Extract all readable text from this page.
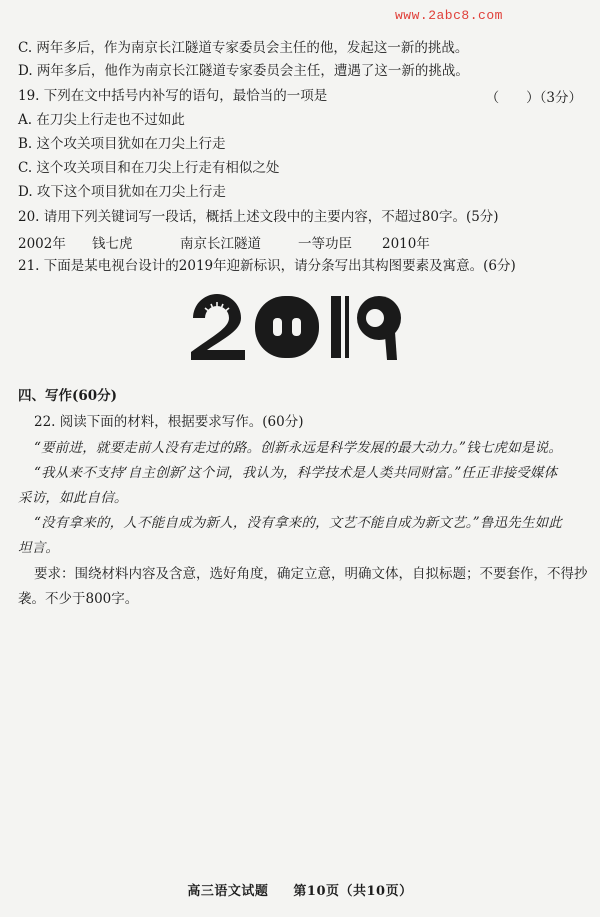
www.2abc8.com
C. 两年多后，作为南京长江隧道专家委员会主任的他，发起这一新的挑战。
D. 两年多后，他作为南京长江隧道专家委员会主任，遭遇了这一新的挑战。
19. 下列在文中括号内补写的语句，最恰当的一项是	（　　）（3分）
A. 在刀尖上行走也不过如此
B. 这个攻关项目犹如在刀尖上行走
C. 这个攻关项目和在刀尖上行走有相似之处
D. 攻下这个项目犹如在刀尖上行走
20. 请用下列关键词写一段话，概括上述文段中的主要内容，不超过80字。(5分)
2002年	钱七虎	南京长江隧道	一等功臣	2010年
21. 下面是某电视台设计的2019年迎新标识，请分条写出其构图要素及寓意。(6分)
四、写作(60分)
22. 阅读下面的材料，根据要求写作。(60分)
“要前进，就要走前人没有走过的路。创新永远是科学发展的最大动力。”钱七虎如是说。
“我从来不支持‘自主创新’这个词，我认为，科学技术是人类共同财富。”任正非接受媒体
采访，如此自信。
“没有拿来的，人不能自成为新人，没有拿来的，文艺不能自成为新文艺。”鲁迅先生如此
坦言。
要求：围绕材料内容及含意，选好角度，确定立意，明确文体，自拟标题；不要套作，不得抄
袭。不少于800字。
高三语文试题 第10页（共10页）
